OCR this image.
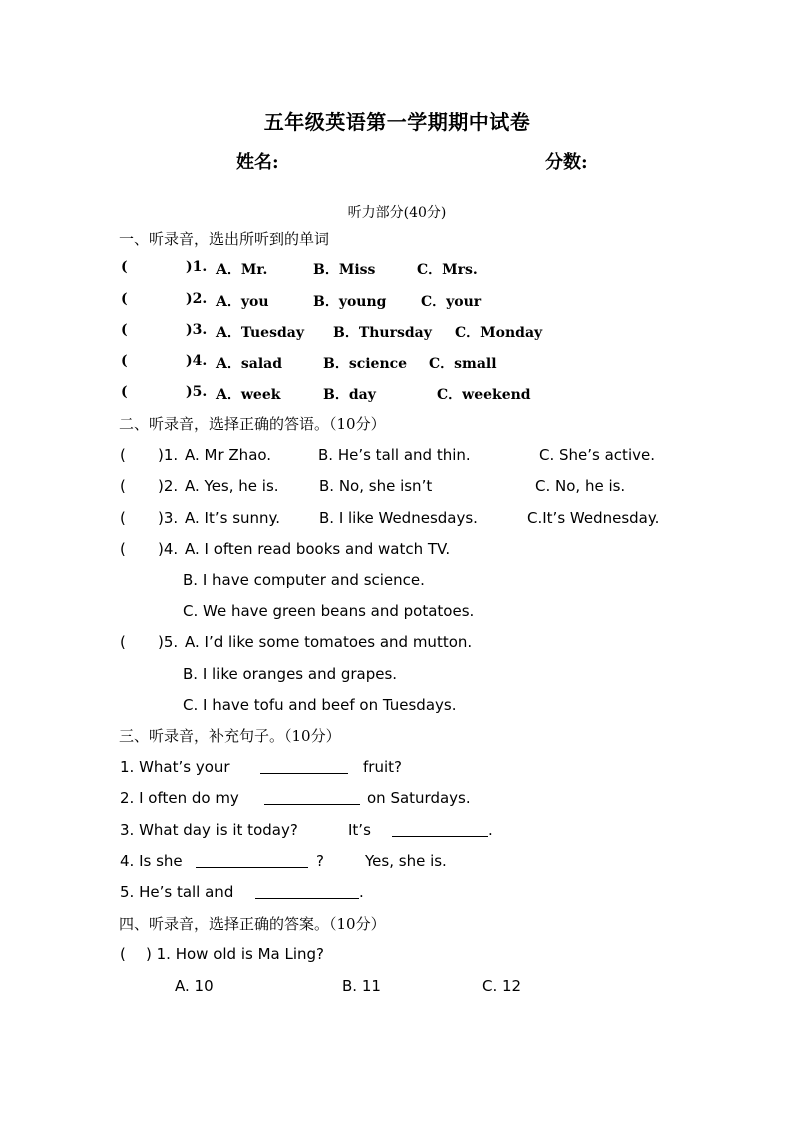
五年级英语第一学期期中试卷
姓名:	分数:
听力部分(40分)
一、听录音，选出所听到的单词
(	)1. A．Mr.	B．Miss	C．Mrs.
(	)2. A．you	B．young C．your
(	)3. A．Tuesday B．Thursday C．Monday
(	)4. A．salad	B．science C．small
(	)5. A．week	B．day	C．weekend
二、听录音，选择正确的答语。（10分）
( )1. A. Mr Zhao.	B. He’s tall and thin.	C. She’s active.
( )2. A. Yes, he is.	B. No, she isn’t	C. No, he is.
( )3. A. It’s sunny.	B. I like Wednesdays.	C.It’s Wednesday.
( )4. A. I often read books and watch TV.
B. I have computer and science.
C. We have green beans and potatoes.
( )5. A. I’d like some tomatoes and mutton.
B. I like oranges and grapes.
C. I have tofu and beef on Tuesdays.
三、听录音，补充句子。（10分）
1. What’s your	fruit?
2. I often do my	on Saturdays.
3. What day is it today?	It’s	.
4. Is she	?	Yes, she is.
5. He’s tall and	.
四、听录音，选择正确的答案。（10分）
( ) 1. How old is Ma Ling?
A. 10	B. 11	C. 12
